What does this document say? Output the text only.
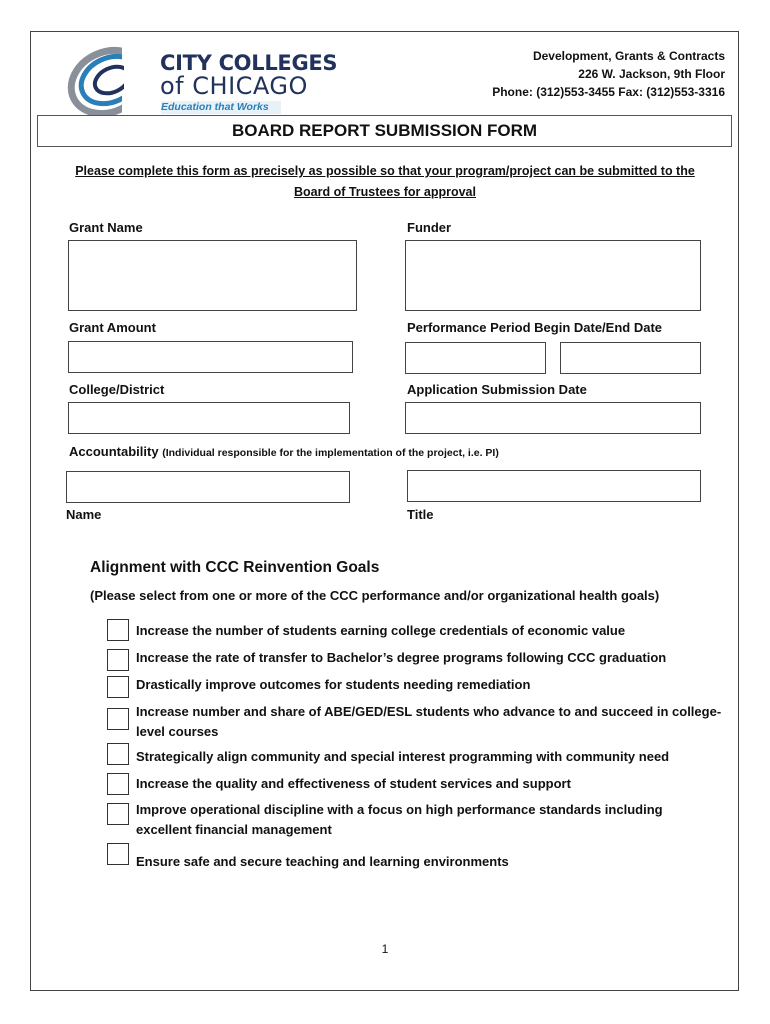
CITY COLLEGES
of CHICAGO
Education that Works
Development, Grants & Contracts
226 W. Jackson, 9th Floor
Phone: (312)553-3455 Fax: (312)553-3316
BOARD REPORT SUBMISSION FORM
Please complete this form as precisely as possible so that your program/project can be submitted to the
Board of Trustees for approval
Grant Name	Funder
Grant Amount	Performance Period Begin Date/End Date
College/District	Application Submission Date
Accountability (Individual responsible for the implementation of the project, i.e. PI)
Name	Title
Alignment with CCC Reinvention Goals
(Please select from one or more of the CCC performance and/or organizational health goals)
Increase the number of students earning college credentials of economic value
Increase the rate of transfer to Bachelor’s degree programs following CCC graduation
Drastically improve outcomes for students needing remediation
Increase number and share of ABE/GED/ESL students who advance to and succeed in college-level courses
Strategically align community and special interest programming with community need
Increase the quality and effectiveness of student services and support
Improve operational discipline with a focus on high performance standards including excellent financial management
Ensure safe and secure teaching and learning environments
1
